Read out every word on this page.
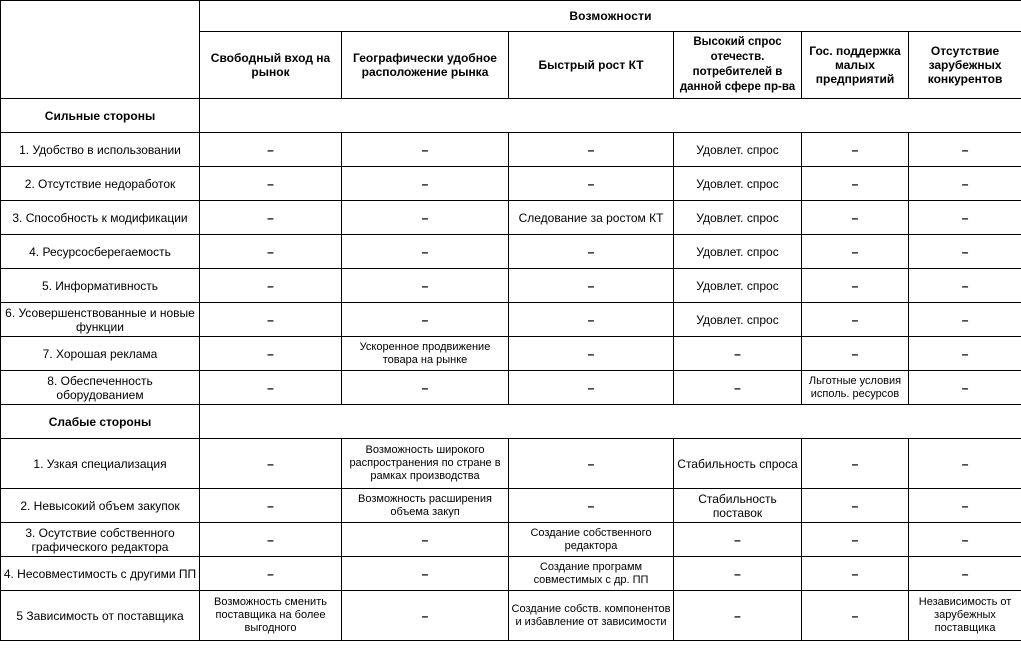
	Возможности					
	Свободный вход на рынок	Географически удобное расположение рынка	Быстрый рост КТ	Высокий спрос отечеств. потребителей в данной сфере пр-ва	Гос. поддержка малых предприятий	Отсутствие зарубежных конкурентов
Сильные стороны						
1. Удобство в использовании	–	–	–	Удовлет. спрос	–	–
2. Отсутствие недоработок	–	–	–	Удовлет. спрос	–	–
3. Способность к модификации	–	–	Следование за ростом КТ	Удовлет. спрос	–	–
4. Ресурсосберегаемость	–	–	–	Удовлет. спрос	–	–
5. Информативность	–	–	–	Удовлет. спрос	–	–
6. Усовершенствованные и новые функции	–	–	–	Удовлет. спрос	–	–
7. Хорошая реклама	–	Ускоренное продвижение товара на рынке	–	–	–	–
8. Обеспеченность оборудованием	–	–	–	–	Льготные условия исполь. ресурсов	–
Слабые стороны						
1. Узкая специализация	–	Возможность широкого распространения по стране в рамках производства	–	Стабильность спроса	–	–
2. Невысокий объем закупок	–	Возможность расширения объема закуп	–	Стабильность поставок	–	–
3. Осутствие собственного графического редактора	–	–	Создание собственного редактора	–	–	–
4. Несовместимость с другими ПП	–	–	Создание программ совместимых с др. ПП	–	–	–
5 Зависимость от поставщика	Возможность сменить поставщика на более выгодного	–	Создание собств. компонентов и избавление от зависимости	–	–	Независимость от зарубежных поставщика
